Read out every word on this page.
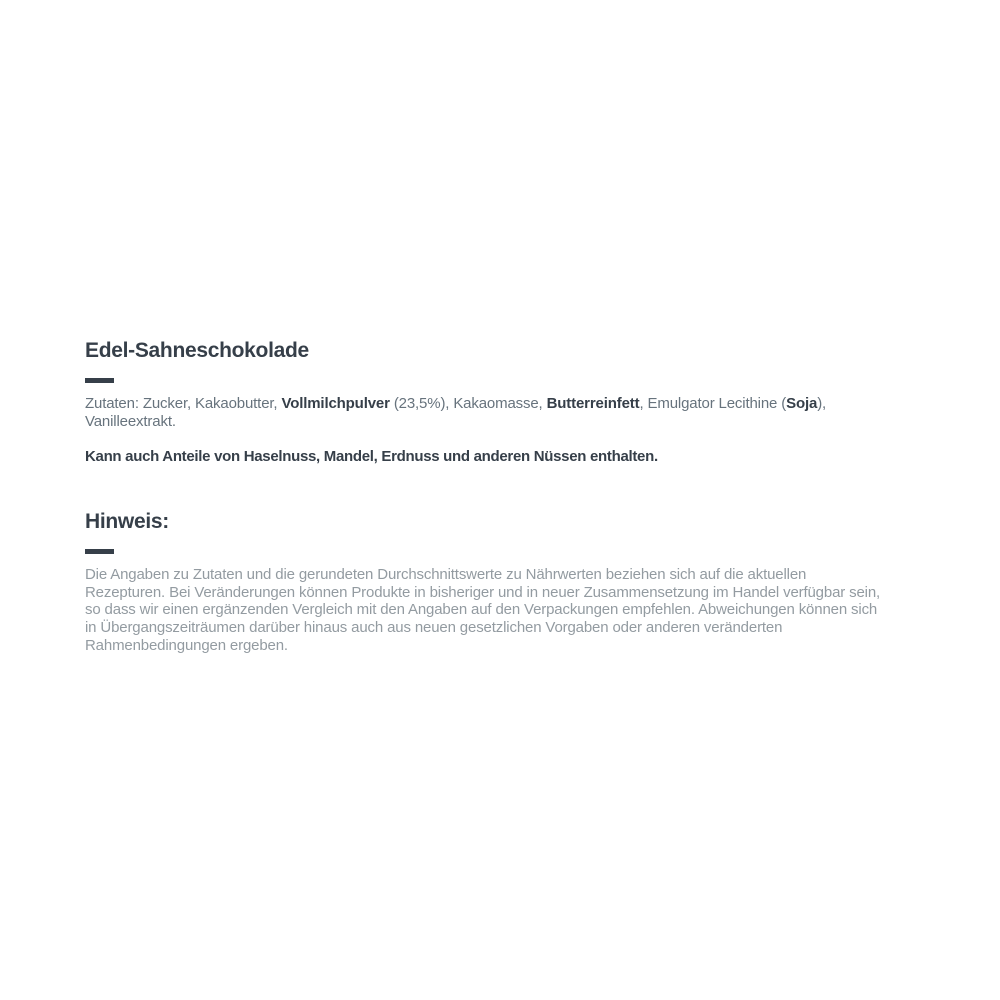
Edel-Sahneschokolade

Zutaten: Zucker, Kakaobutter, Vollmilchpulver (23,5%), Kakaomasse, Butterreinfett, Emulgator Lecithine (Soja),
Vanilleextrakt.

Kann auch Anteile von Haselnuss, Mandel, Erdnuss und anderen Nüssen enthalten.

Hinweis:

Die Angaben zu Zutaten und die gerundeten Durchschnittswerte zu Nährwerten beziehen sich auf die aktuellen
Rezepturen. Bei Veränderungen können Produkte in bisheriger und in neuer Zusammensetzung im Handel verfügbar sein,
so dass wir einen ergänzenden Vergleich mit den Angaben auf den Verpackungen empfehlen. Abweichungen können sich
in Übergangszeiträumen darüber hinaus auch aus neuen gesetzlichen Vorgaben oder anderen veränderten
Rahmenbedingungen ergeben.
